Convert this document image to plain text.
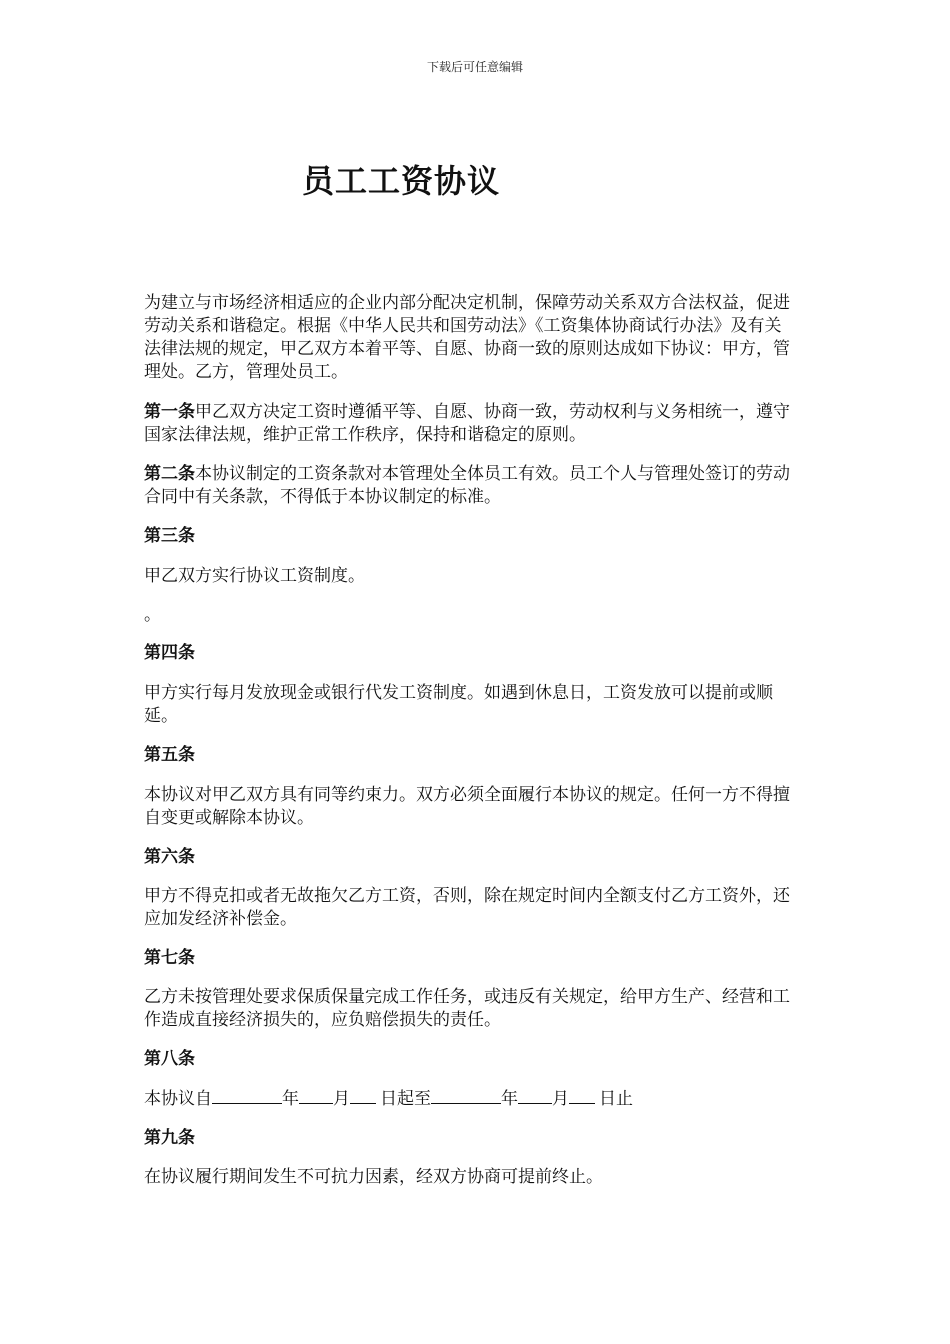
下载后可任意编辑
员工工资协议

为建立与市场经济相适应的企业内部分配决定机制，保障劳动关系双方合法权益，促进劳动关系和谐稳定。根据《中华人民共和国劳动法》《工资集体协商试行办法》及有关法律法规的规定，甲乙双方本着平等、自愿、协商一致的原则达成如下协议：甲方，管理处。乙方，管理处员工。

第一条甲乙双方决定工资时遵循平等、自愿、协商一致，劳动权利与义务相统一，遵守国家法律法规，维护正常工作秩序，保持和谐稳定的原则。

第二条本协议制定的工资条款对本管理处全体员工有效。员工个人与管理处签订的劳动合同中有关条款，不得低于本协议制定的标准。

第三条

甲乙双方实行协议工资制度。

。

第四条

甲方实行每月发放现金或银行代发工资制度。如遇到休息日，工资发放可以提前或顺延。

第五条

本协议对甲乙双方具有同等约束力。双方必须全面履行本协议的规定。任何一方不得擅自变更或解除本协议。

第六条

甲方不得克扣或者无故拖欠乙方工资，否则，除在规定时间内全额支付乙方工资外，还应加发经济补偿金。

第七条

乙方未按管理处要求保质保量完成工作任务，或违反有关规定，给甲方生产、经营和工作造成直接经济损失的，应负赔偿损失的责任。

第八条

本协议自	年 月 日起至	年 月 日止

第九条

在协议履行期间发生不可抗力因素，经双方协商可提前终止。
